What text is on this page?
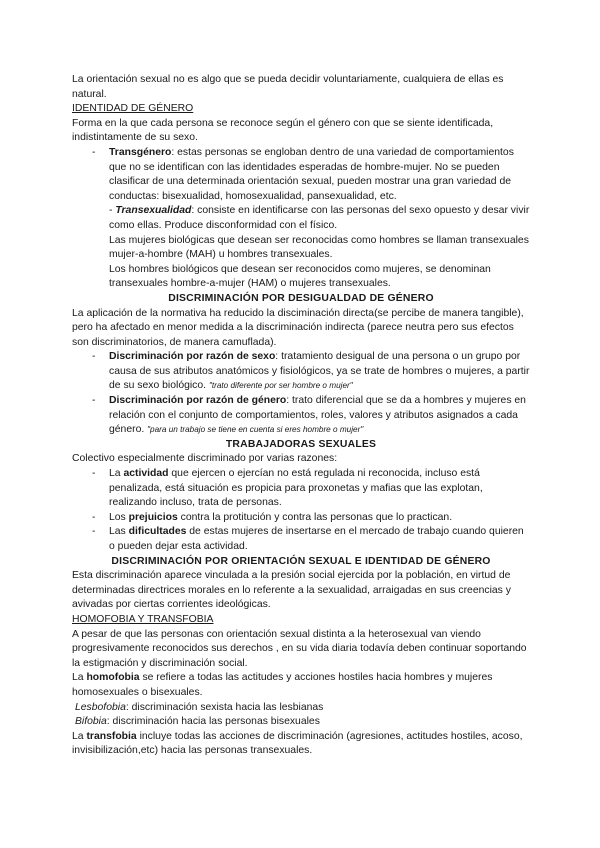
La orientación sexual no es algo que se pueda decidir voluntariamente, cualquiera de ellas es natural.

IDENTIDAD DE GÉNERO

Forma en la que cada persona se reconoce según el género con que se siente identificada, indistintamente de su sexo.

- Transgénero: estas personas se engloban dentro de una variedad de comportamientos que no se identifican con las identidades esperadas de hombre-mujer. No se pueden clasificar de una determinada orientación sexual, pueden mostrar una gran variedad de conductas: bisexualidad, homosexualidad, pansexualidad, etc.

- Transexualidad: consiste en identificarse con las personas del sexo opuesto y desar vivir como ellas. Produce disconformidad con el físico.

Las mujeres biológicas que desean ser reconocidas como hombres se llaman transexuales mujer-a-hombre (MAH) u hombres transexuales.

Los hombres biológicos que desean ser reconocidos como mujeres, se denominan transexuales hombre-a-mujer (HAM) o mujeres transexuales.

DISCRIMINACIÓN POR DESIGUALDAD DE GÉNERO

La aplicación de la normativa ha reducido la disciminación directa(se percibe de manera tangible), pero ha afectado en menor medida a la discriminación indirecta (parece neutra pero sus efectos son discriminatorios, de manera camuflada).

- Discriminación por razón de sexo: tratamiento desigual de una persona o un grupo por causa de sus atributos anatómicos y fisiológicos, ya se trate de hombres o mujeres, a partir de su sexo biológico. "trato diferente por ser hombre o mujer"
- Discriminación por razón de género: trato diferencial que se da a hombres y mujeres en relación con el conjunto de comportamientos, roles, valores y atributos asignados a cada género. "para un trabajo se tiene en cuenta si eres hombre o mujer"

TRABAJADORAS SEXUALES

Colectivo especialmente discriminado por varias razones:

- La actividad que ejercen o ejercían no está regulada ni reconocida, incluso está penalizada, está situación es propicia para proxonetas y mafias que las explotan, realizando incluso, trata de personas.
- Los prejuicios contra la protitución y contra las personas que lo practican.
- Las dificultades de estas mujeres de insertarse en el mercado de trabajo cuando quieren o pueden dejar esta actividad.

DISCRIMINACIÓN POR ORIENTACIÓN SEXUAL E IDENTIDAD DE GÉNERO

Esta discriminación aparece vinculada a la presión social ejercida por la población, en virtud de determinadas directrices morales en lo referente a la sexualidad, arraigadas en sus creencias y avivadas por ciertas corrientes ideológicas.

HOMOFOBIA Y TRANSFOBIA

A pesar de que las personas con orientación sexual distinta a la heterosexual van viendo progresivamente reconocidos sus derechos , en su vida diaria todavía deben continuar soportando la estigmación y discriminación social.

La homofobia se refiere a todas las actitudes y acciones hostiles hacia hombres y mujeres homosexuales o bisexuales.

Lesbofobia: discriminación sexista hacia las lesbianas

Bifobia: discriminación hacia las personas bisexuales

La transfobia incluye todas las acciones de discriminación (agresiones, actitudes hostiles, acoso, invisibilización,etc) hacia las personas transexuales.
